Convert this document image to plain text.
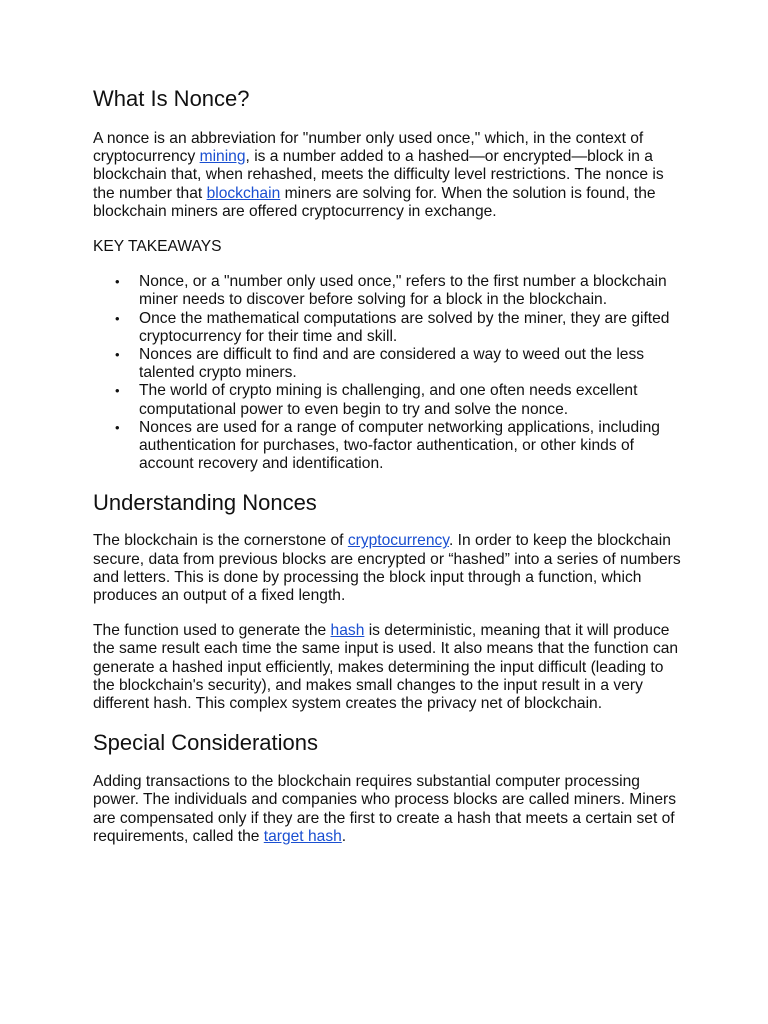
What Is Nonce?

A nonce is an abbreviation for "number only used once," which, in the context of cryptocurrency mining, is a number added to a hashed—or encrypted—block in a blockchain that, when rehashed, meets the difficulty level restrictions. The nonce is the number that blockchain miners are solving for. When the solution is found, the blockchain miners are offered cryptocurrency in exchange.

KEY TAKEAWAYS

• Nonce, or a "number only used once," refers to the first number a blockchain miner needs to discover before solving for a block in the blockchain.
• Once the mathematical computations are solved by the miner, they are gifted cryptocurrency for their time and skill.
• Nonces are difficult to find and are considered a way to weed out the less talented crypto miners.
• The world of crypto mining is challenging, and one often needs excellent computational power to even begin to try and solve the nonce.
• Nonces are used for a range of computer networking applications, including authentication for purchases, two-factor authentication, or other kinds of account recovery and identification.
Understanding Nonces

The blockchain is the cornerstone of cryptocurrency. In order to keep the blockchain secure, data from previous blocks are encrypted or “hashed” into a series of numbers and letters. This is done by processing the block input through a function, which produces an output of a fixed length.

The function used to generate the hash is deterministic, meaning that it will produce the same result each time the same input is used. It also means that the function can generate a hashed input efficiently, makes determining the input difficult (leading to the blockchain's security), and makes small changes to the input result in a very different hash. This complex system creates the privacy net of blockchain.

Special Considerations

Adding transactions to the blockchain requires substantial computer processing power. The individuals and companies who process blocks are called miners. Miners are compensated only if they are the first to create a hash that meets a certain set of requirements, called the target hash.
